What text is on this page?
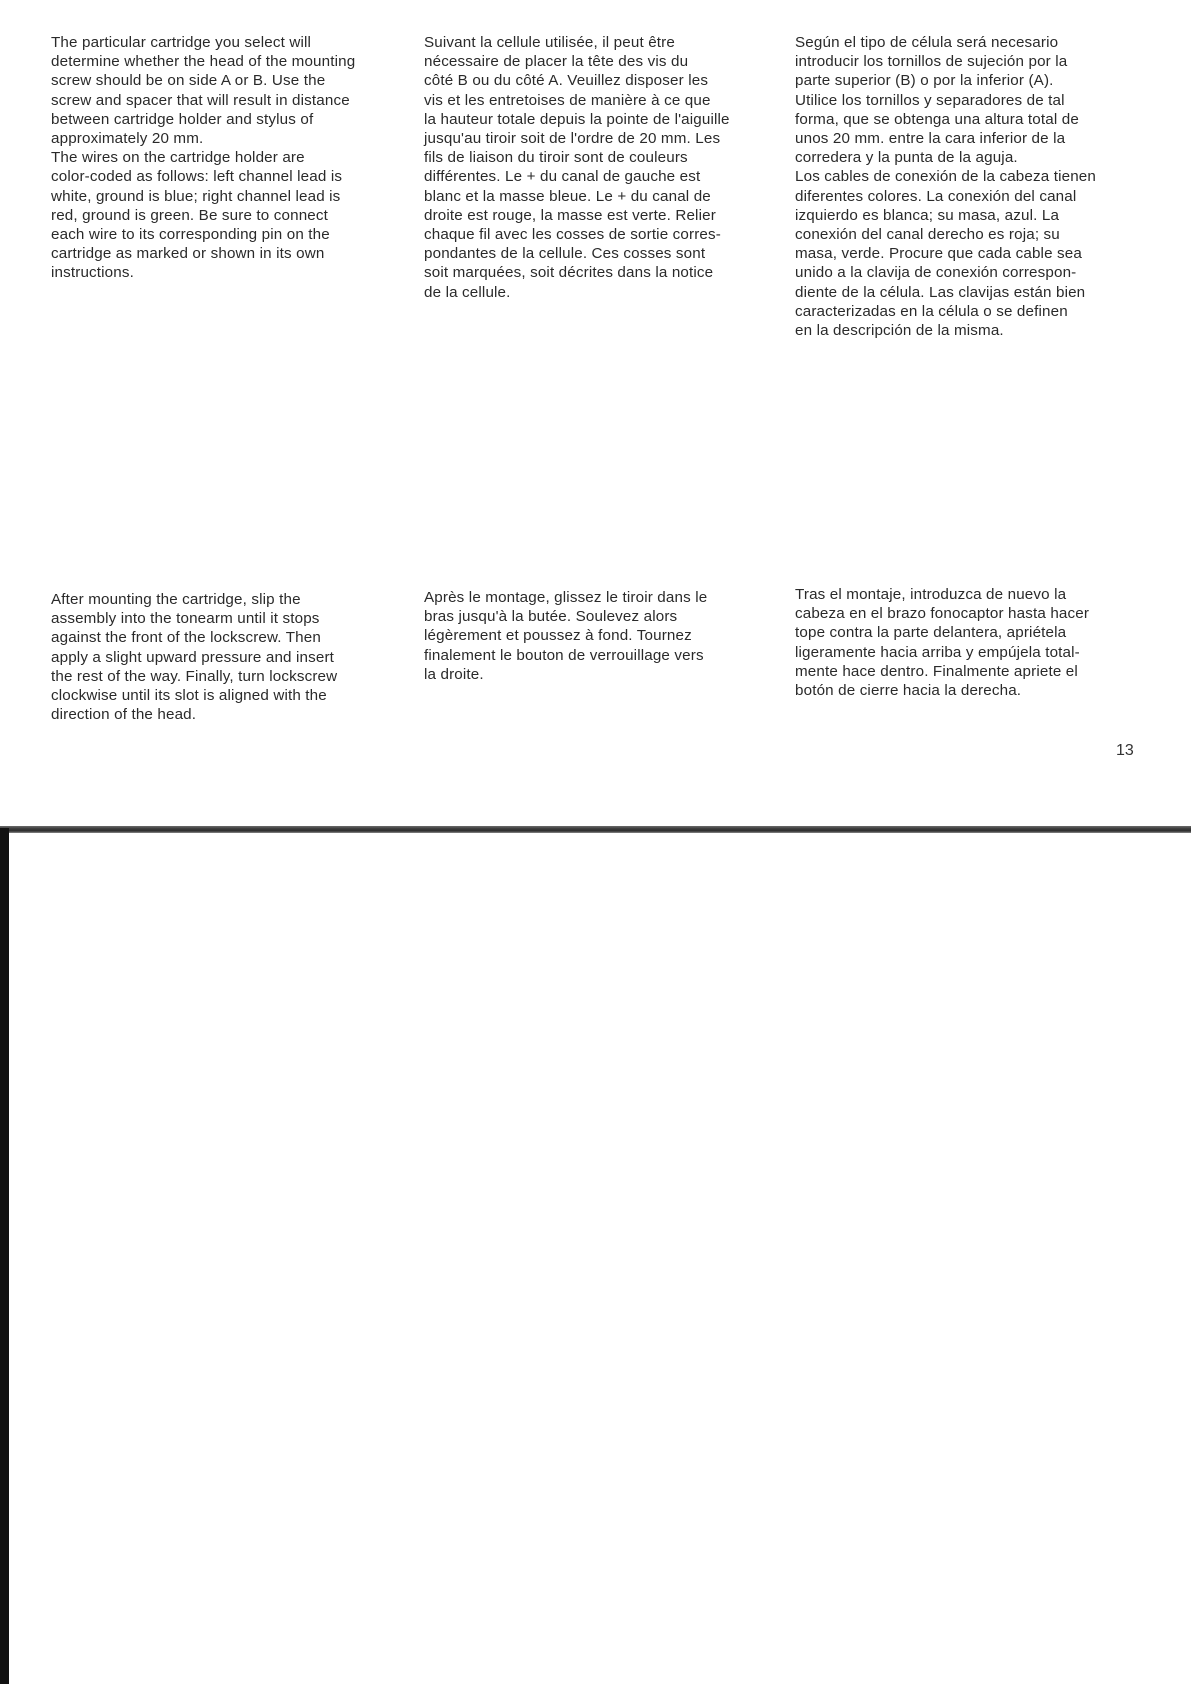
The particular cartridge you select will
determine whether the head of the mounting
screw should be on side A or B. Use the
screw and spacer that will result in distance
between cartridge holder and stylus of
approximately 20 mm.
The wires on the cartridge holder are
color-coded as follows: left channel lead is
white, ground is blue; right channel lead is
red, ground is green. Be sure to connect
each wire to its corresponding pin on the
cartridge as marked or shown in its own
instructions.

Suivant la cellule utilisée, il peut être
nécessaire de placer la tête des vis du
côté B ou du côté A. Veuillez disposer les
vis et les entretoises de manière à ce que
la hauteur totale depuis la pointe de l'aiguille
jusqu'au tiroir soit de l'ordre de 20 mm. Les
fils de liaison du tiroir sont de couleurs
différentes. Le + du canal de gauche est
blanc et la masse bleue. Le + du canal de
droite est rouge, la masse est verte. Relier
chaque fil avec les cosses de sortie corres-
pondantes de la cellule. Ces cosses sont
soit marquées, soit décrites dans la notice
de la cellule.

Según el tipo de célula será necesario
introducir los tornillos de sujeción por la
parte superior (B) o por la inferior (A).
Utilice los tornillos y separadores de tal
forma, que se obtenga una altura total de
unos 20 mm. entre la cara inferior de la
corredera y la punta de la aguja.
Los cables de conexión de la cabeza tienen
diferentes colores. La conexión del canal
izquierdo es blanca; su masa, azul. La
conexión del canal derecho es roja; su
masa, verde. Procure que cada cable sea
unido a la clavija de conexión correspon-
diente de la célula. Las clavijas están bien
caracterizadas en la célula o se definen
en la descripción de la misma.

After mounting the cartridge, slip the
assembly into the tonearm until it stops
against the front of the lockscrew. Then
apply a slight upward pressure and insert
the rest of the way. Finally, turn lockscrew
clockwise until its slot is aligned with the
direction of the head.

Après le montage, glissez le tiroir dans le
bras jusqu'à la butée. Soulevez alors
légèrement et poussez à fond. Tournez
finalement le bouton de verrouillage vers
la droite.

Tras el montaje, introduzca de nuevo la
cabeza en el brazo fonocaptor hasta hacer
tope contra la parte delantera, apriétela
ligeramente hacia arriba y empújela total-
mente hace dentro. Finalmente apriete el
botón de cierre hacia la derecha.

13
